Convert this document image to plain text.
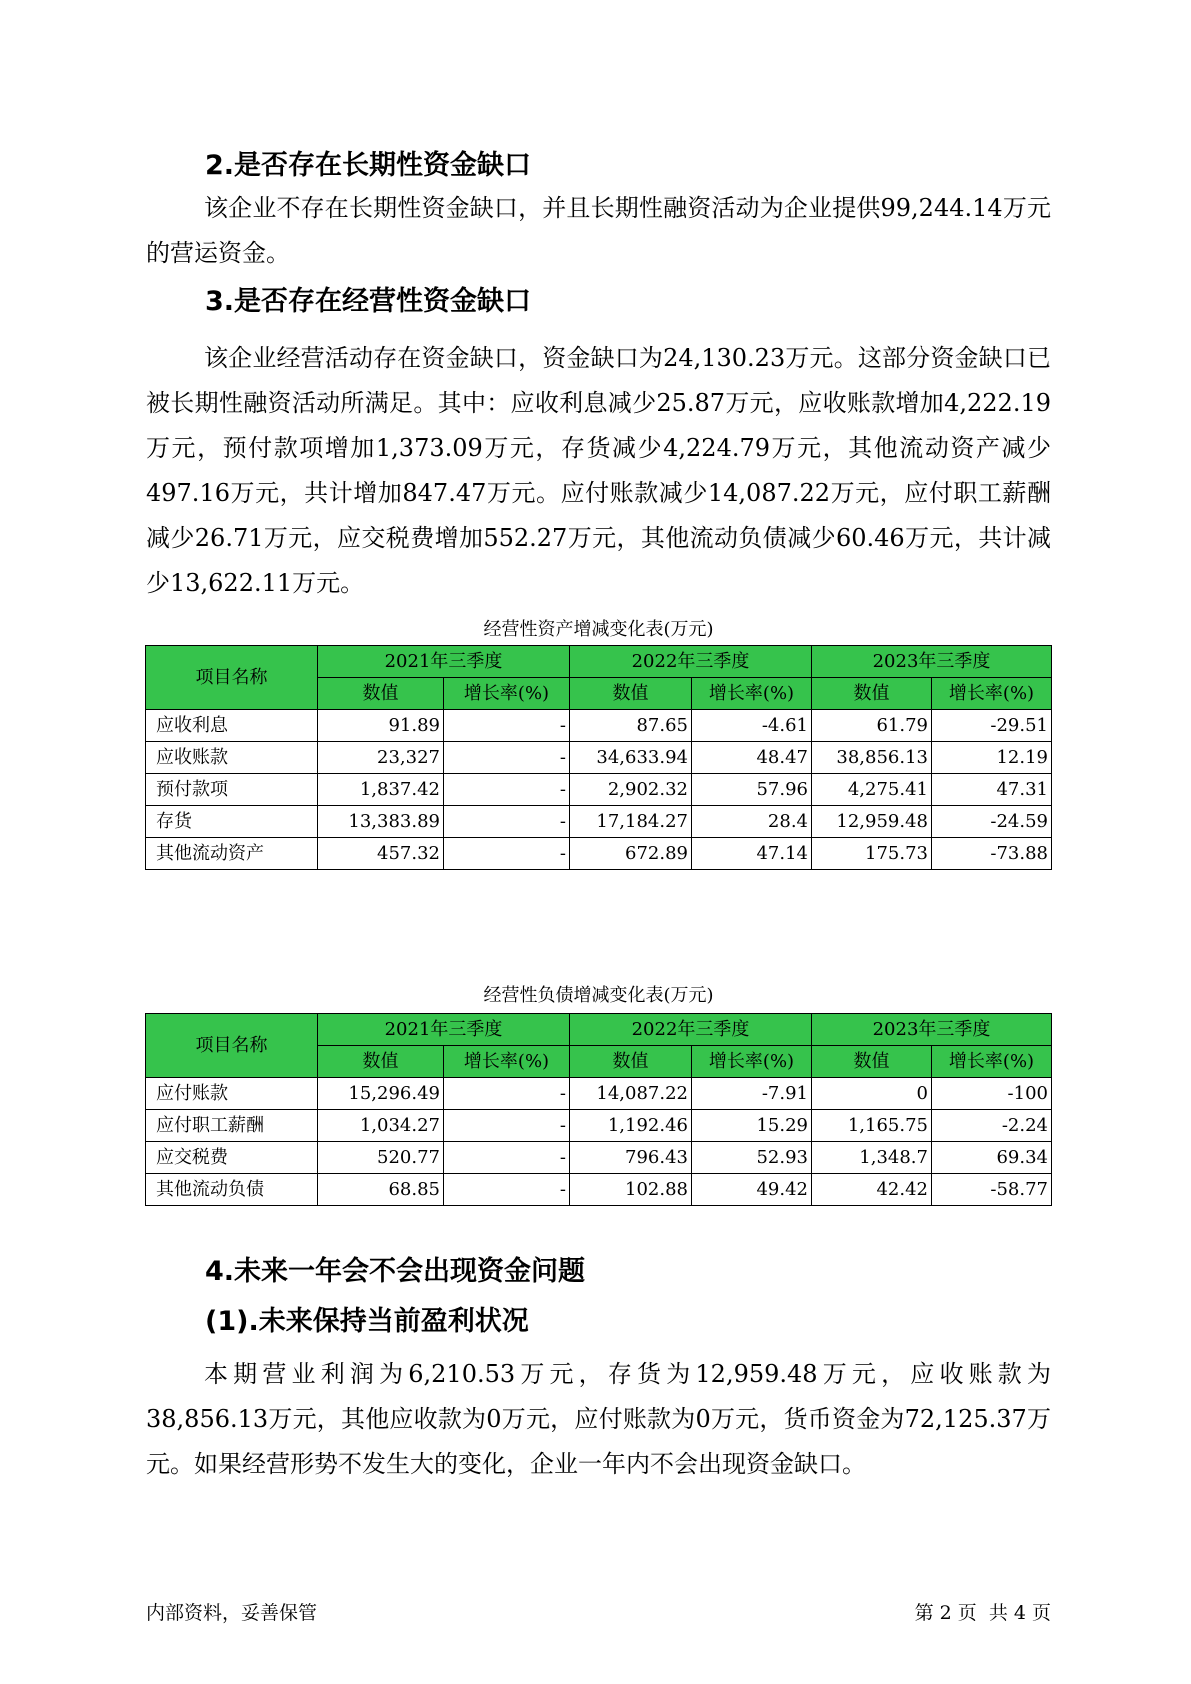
2.是否存在长期性资金缺口

该企业不存在长期性资金缺口，并且长期性融资活动为企业提供99,244.14万元的营运资金。

3.是否存在经营性资金缺口

该企业经营活动存在资金缺口，资金缺口为24,130.23万元。这部分资金缺口已被长期性融资活动所满足。其中：应收利息减少25.87万元，应收账款增加4,222.19万元，预付款项增加1,373.09万元，存货减少4,224.79万元，其他流动资产减少497.16万元，共计增加847.47万元。应付账款减少14,087.22万元，应付职工薪酬减少26.71万元，应交税费增加552.27万元，其他流动负债减少60.46万元，共计减少13,622.11万元。

经营性资产增减变化表(万元)
项目名称	2021年三季度		2022年三季度		2023年三季度	
	数值	增长率(%)	数值	增长率(%)	数值	增长率(%)
应收利息	91.89	-	87.65	-4.61	61.79	-29.51
应收账款	23,327	-	34,633.94	48.47	38,856.13	12.19
预付款项	1,837.42	-	2,902.32	57.96	4,275.41	47.31
存货	13,383.89	-	17,184.27	28.4	12,959.48	-24.59
其他流动资产	457.32	-	672.89	47.14	175.73	-73.88
经营性负债增减变化表(万元)
项目名称	2021年三季度		2022年三季度		2023年三季度	
	数值	增长率(%)	数值	增长率(%)	数值	增长率(%)
应付账款	15,296.49	-	14,087.22	-7.91	0	-100
应付职工薪酬	1,034.27	-	1,192.46	15.29	1,165.75	-2.24
应交税费	520.77	-	796.43	52.93	1,348.7	69.34
其他流动负债	68.85	-	102.88	49.42	42.42	-58.77
4.未来一年会不会出现资金问题
(1).未来保持当前盈利状况

本期营业利润为6,210.53万元，存货为12,959.48万元，应收账款为38,856.13万元，其他应收款为0万元，应付账款为0万元，货币资金为72,125.37万元。如果经营形势不发生大的变化，企业一年内不会出现资金缺口。

内部资料，妥善保管	第 2 页  共 4 页
